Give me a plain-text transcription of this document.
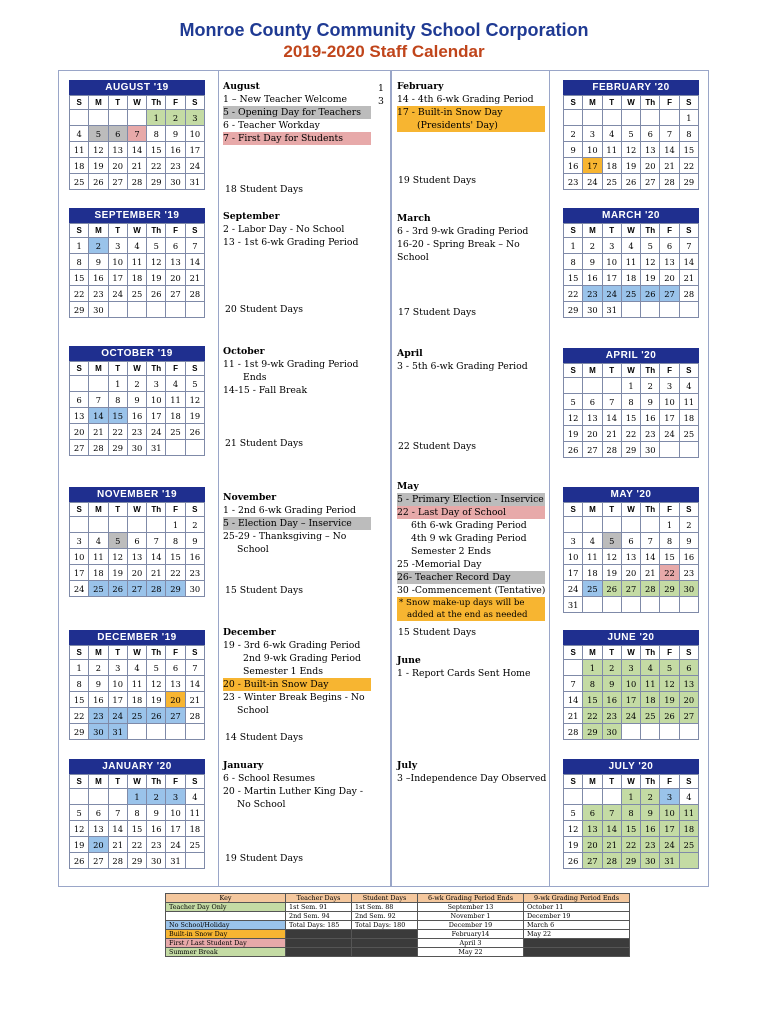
Monroe County Community School Corporation
2019-2020 Staff Calendar
AUGUST '19
S	M	T	W	Th	F	S
				1	2	3
4	5	6	7	8	9	10
11	12	13	14	15	16	17
18	19	20	21	22	23	24
25	26	27	28	29	30	31
SEPTEMBER '19
S	M	T	W	Th	F	S
1	2	3	4	5	6	7
8	9	10	11	12	13	14
15	16	17	18	19	20	21
22	23	24	25	26	27	28
29	30					
OCTOBER '19
S	M	T	W	Th	F	S
		1	2	3	4	5
6	7	8	9	10	11	12
13	14	15	16	17	18	19
20	21	22	23	24	25	26
27	28	29	30	31		
NOVEMBER '19
S	M	T	W	Th	F	S
					1	2
3	4	5	6	7	8	9
10	11	12	13	14	15	16
17	18	19	20	21	22	23
24	25	26	27	28	29	30
DECEMBER '19
S	M	T	W	Th	F	S
1	2	3	4	5	6	7
8	9	10	11	12	13	14
15	16	17	18	19	20	21
22	23	24	25	26	27	28
29	30	31				
JANUARY '20
S	M	T	W	Th	F	S
			1	2	3	4
5	6	7	8	9	10	11
12	13	14	15	16	17	18
19	20	21	22	23	24	25
26	27	28	29	30	31	
FEBRUARY '20
S	M	T	W	Th	F	S
						1
2	3	4	5	6	7	8
9	10	11	12	13	14	15
16	17	18	19	20	21	22
23	24	25	26	27	28	29
MARCH '20
S	M	T	W	Th	F	S
1	2	3	4	5	6	7
8	9	10	11	12	13	14
15	16	17	18	19	20	21
22	23	24	25	26	27	28
29	30	31				
APRIL '20
S	M	T	W	Th	F	S
			1	2	3	4
5	6	7	8	9	10	11
12	13	14	15	16	17	18
19	20	21	22	23	24	25
26	27	28	29	30		
MAY '20
S	M	T	W	Th	F	S
					1	2
3	4	5	6	7	8	9
10	11	12	13	14	15	16
17	18	19	20	21	22	23
24	25	26	27	28	29	30
31						
JUNE '20
S	M	T	W	Th	F	S
	1	2	3	4	5	6
7	8	9	10	11	12	13
14	15	16	17	18	19	20
21	22	23	24	25	26	27
28	29	30				
JULY '20
S	M	T	W	Th	F	S
			1	2	3	4
5	6	7	8	9	10	11
12	13	14	15	16	17	18
19	20	21	22	23	24	25
26	27	28	29	30	31	
August
1 – New Teacher Welcome
5 - Opening Day for Teachers
6 - Teacher Workday
7 - First Day for Students
18 Student Days
September
2 - Labor Day - No School
13 - 1st 6-wk Grading Period
20 Student Days
October
11 - 1st 9-wk Grading Period
Ends
14-15 - Fall Break
21 Student Days
November
1 - 2nd 6-wk Grading Period
5 - Election Day – Inservice
25-29 - Thanksgiving – No
School
15 Student Days
December
19 - 3rd 6-wk Grading Period
2nd 9-wk Grading Period
Semester 1 Ends
20 - Built-in Snow Day
23 - Winter Break Begins - No
School
14 Student Days
January
6 - School Resumes
20 - Martin Luther King Day -
No School
19 Student Days
1
3
February
14 - 4th 6-wk Grading Period
17 - Built-in Snow Day
(Presidents' Day)
19 Student Days
March
6 - 3rd 9-wk Grading Period
16-20 - Spring Break – No
School
17 Student Days
April
3 - 5th 6-wk Grading Period
22 Student Days
May
5 - Primary Election - Inservice
22 - Last Day of School
6th 6-wk Grading Period
4th 9 wk Grading Period
Semester 2 Ends
25 -Memorial Day
26- Teacher Record Day
30 -Commencement (Tentative)
* Snow make-up days will be
added at the end as needed
15 Student Days
June
1 - Report Cards Sent Home
July
3 –Independence Day Observed
Key	Teacher Days	Student Days	6-wk Grading Period Ends	9-wk Grading Period Ends
Teacher Day Only	1st Sem. 91	1st Sem. 88	September 13	October 11
	2nd Sem. 94	2nd Sem. 92	November 1	December 19
No School/Holiday	Total Days: 185	Total Days: 180	December 19	March 6
Built-in Snow Day			February14	May 22
First / Last Student Day			April 3	
Summer Break			May 22	
